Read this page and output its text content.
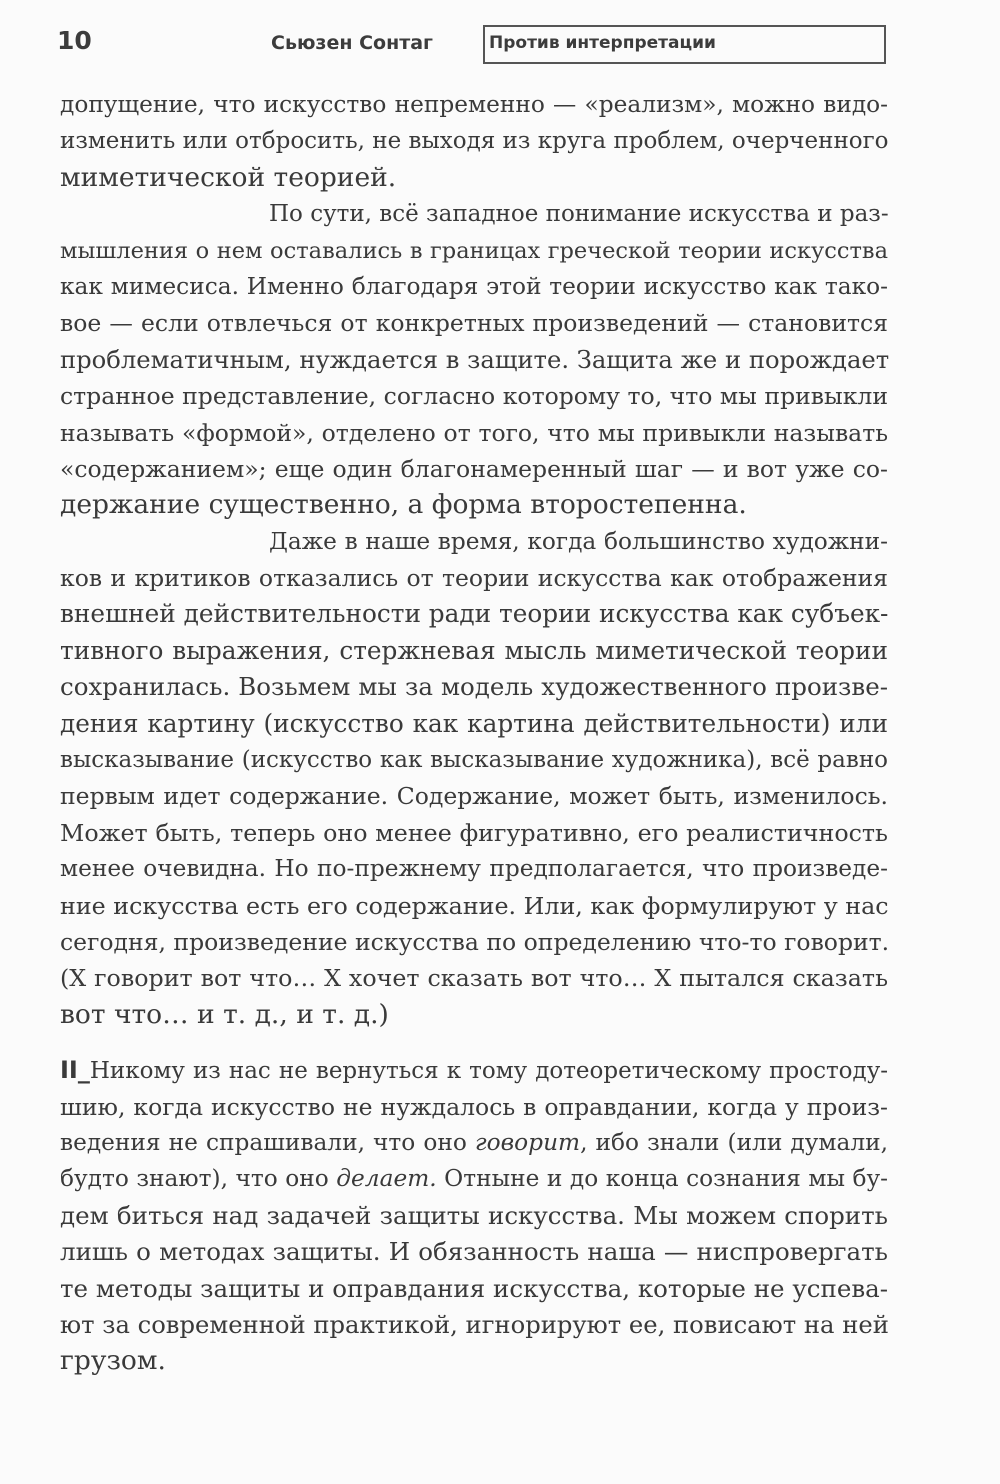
10	Сьюзен Сонтаг	Против интерпретации
допущение, что искусство непременно — «реализм», можно видо-
изменить или отбросить, не выходя из круга проблем, очерченного
миметической теорией.
По сути, всё западное понимание искусства и раз-
мышления о нем оставались в границах греческой теории искусства
как мимесиса. Именно благодаря этой теории искусство как тако-
вое — если отвлечься от конкретных произведений — становится
проблематичным, нуждается в защите. Защита же и порождает
странное представление, согласно которому то, что мы привыкли
называть «формой», отделено от того, что мы привыкли называть
«содержанием»; еще один благонамеренный шаг — и вот уже со-
держание существенно, а форма второстепенна.
Даже в наше время, когда большинство художни-
ков и критиков отказались от теории искусства как отображения
внешней действительности ради теории искусства как субъек-
тивного выражения, стержневая мысль миметической теории
сохранилась. Возьмем мы за модель художественного произве-
дения картину (искусство как картина действительности) или
высказывание (искусство как высказывание художника), всё равно
первым идет содержание. Содержание, может быть, изменилось.
Может быть, теперь оно менее фигуративно, его реалистичность
менее очевидна. Но по-прежнему предполагается, что произведе-
ние искусства есть его содержание. Или, как формулируют у нас
сегодня, произведение искусства по определению что-то говорит.
(X говорит вот что… X хочет сказать вот что… X пытался сказать
вот что… и т. д., и т. д.)
II_Никому из нас не вернуться к тому дотеоретическому простоду-
шию, когда искусство не нуждалось в оправдании, когда у произ-
ведения не спрашивали, что оно говорит, ибо знали (или думали,
будто знают), что оно делает. Отныне и до конца сознания мы бу-
дем биться над задачей защиты искусства. Мы можем спорить
лишь о методах защиты. И обязанность наша — ниспровергать
те методы защиты и оправдания искусства, которые не успева-
ют за современной практикой, игнорируют ее, повисают на ней
грузом.
